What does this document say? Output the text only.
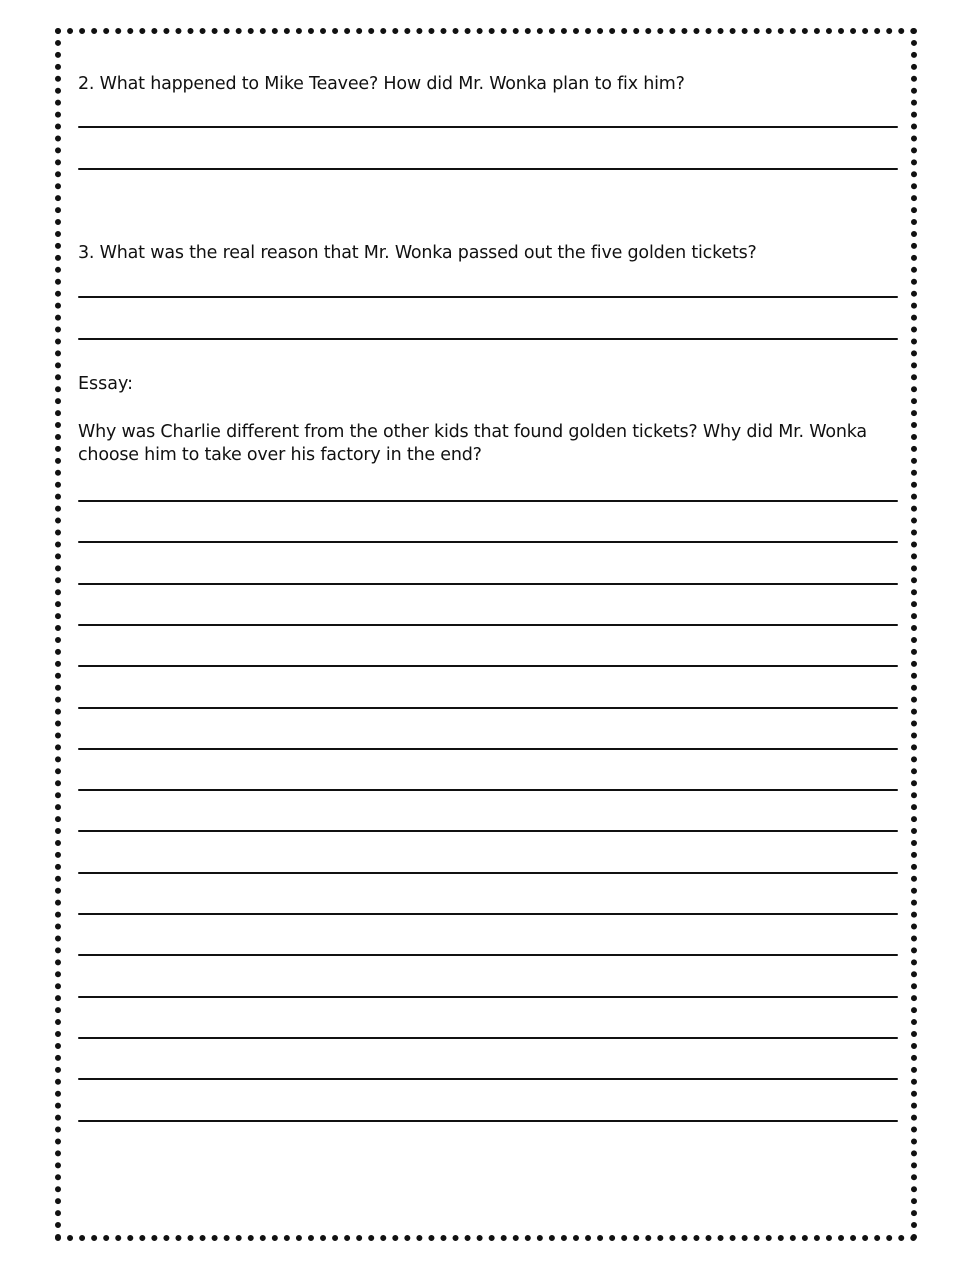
2. What happened to Mike Teavee? How did Mr. Wonka plan to fix him?

3. What was the real reason that Mr. Wonka passed out the five golden tickets?

Essay:

Why was Charlie different from the other kids that found golden tickets? Why did Mr. Wonka choose him to take over his factory in the end?
